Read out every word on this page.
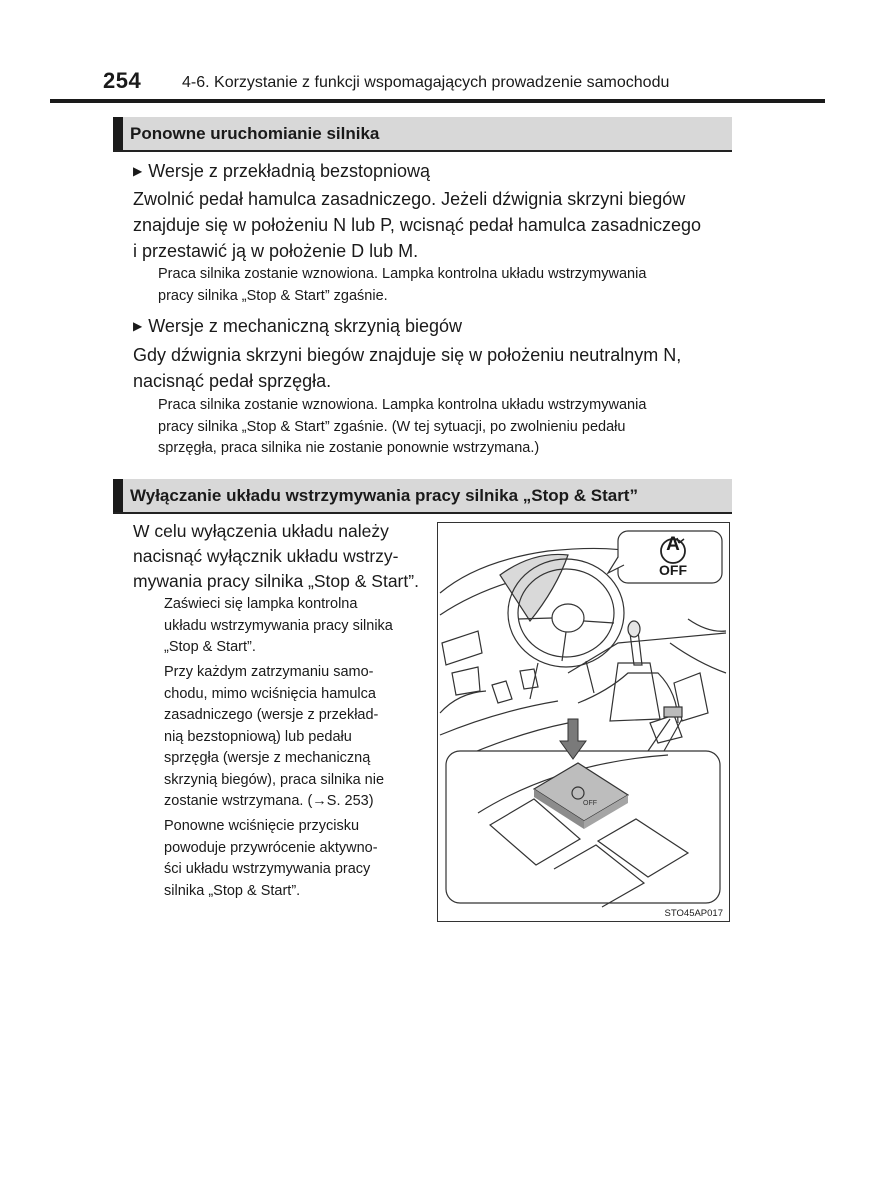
254	4-6. Korzystanie z funkcji wspomagających prowadzenie samochodu
Ponowne uruchomianie silnika
▶ Wersje z przekładnią bezstopniową
Zwolnić pedał hamulca zasadniczego. Jeżeli dźwignia skrzyni biegów
znajduje się w położeniu N lub P, wcisnąć pedał hamulca zasadniczego
i przestawić ją w położenie D lub M.
Praca silnika zostanie wznowiona. Lampka kontrolna układu wstrzymywania
pracy silnika „Stop & Start” zgaśnie.
▶ Wersje z mechaniczną skrzynią biegów
Gdy dźwignia skrzyni biegów znajduje się w położeniu neutralnym N,
nacisnąć pedał sprzęgła.
Praca silnika zostanie wznowiona. Lampka kontrolna układu wstrzymywania
pracy silnika „Stop & Start” zgaśnie. (W tej sytuacji, po zwolnieniu pedału
sprzęgła, praca silnika nie zostanie ponownie wstrzymana.)
Wyłączanie układu wstrzymywania pracy silnika „Stop & Start”
W celu wyłączenia układu należy
nacisnąć wyłącznik układu wstrzy-
mywania pracy silnika „Stop & Start”.
Zaświeci się lampka kontrolna
układu wstrzymywania pracy silnika
„Stop & Start”.
Przy każdym zatrzymaniu samo-
chodu, mimo wciśnięcia hamulca
zasadniczego (wersje z przekład-
nią bezstopniową) lub pedału
sprzęgła (wersje z mechaniczną
skrzynią biegów), praca silnika nie
zostanie wstrzymana. (→S. 253)
Ponowne wciśnięcie przycisku
powoduje przywrócenie aktywno-
ści układu wstrzymywania pracy
silnika „Stop & Start”.
OFF
A
OFF
STO45AP017
